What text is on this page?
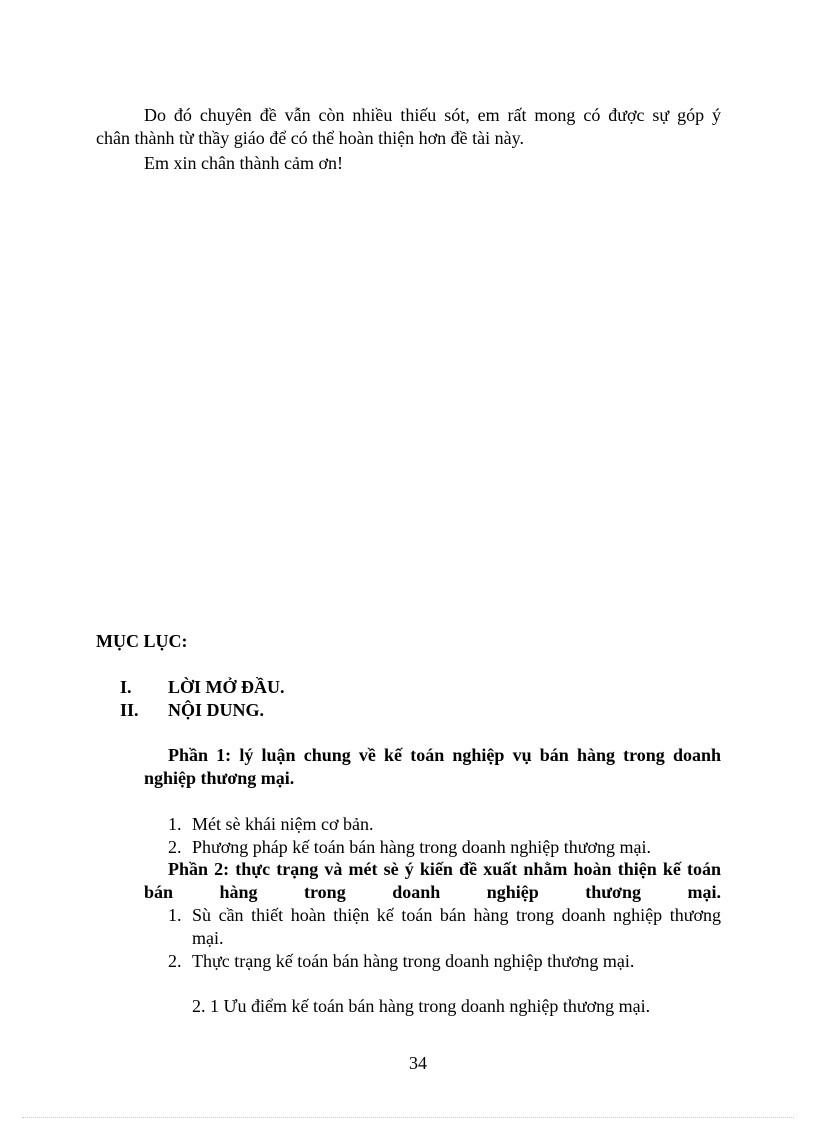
Do đó chuyên đề vẫn còn nhiều thiếu sót, em rất mong có được sự góp ý
chân thành từ thầy giáo để có thể hoàn thiện hơn đề tài này.
Em xin chân thành cảm ơn!
MỤC LỤC:
I. LỜI MỞ ĐẦU.
II. NỘI DUNG.
Phần 1: lý luận chung về kế toán nghiệp vụ bán hàng trong doanh
nghiệp thương mại.
1. Mét sè khái niệm cơ bản.
2. Phương pháp kế toán bán hàng trong doanh nghiệp thương mại.
Phần 2: thực trạng và mét sè ý kiến đề xuất nhằm hoàn thiện kế toán
bán hàng trong doanh nghiệp thương mại.
1. Sù cần thiết hoàn thiện kế toán bán hàng trong doanh nghiệp thương
mại.
2. Thực trạng kế toán bán hàng trong doanh nghiệp thương mại.
2. 1 Ưu điểm kế toán bán hàng trong doanh nghiệp thương mại.
34
